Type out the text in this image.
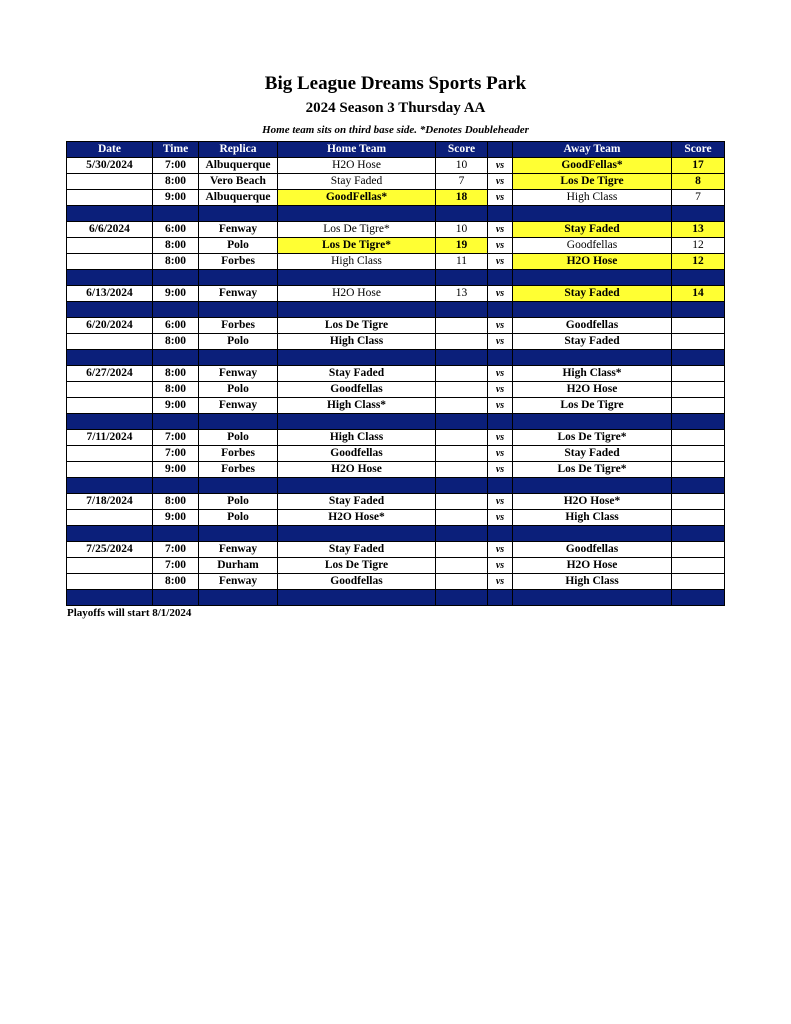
Big League Dreams Sports Park
2024 Season 3 Thursday AA
Home team sits on third base side. *Denotes Doubleheader
Date	Time	Replica	Home Team	Score		Away Team	Score
5/30/2024	7:00	Albuquerque	H2O Hose	10	vs	GoodFellas*	17
	8:00	Vero Beach	Stay Faded	7	vs	Los De Tigre	8
	9:00	Albuquerque	GoodFellas*	18	vs	High Class	7

6/6/2024	6:00	Fenway	Los De Tigre*	10	vs	Stay Faded	13
	8:00	Polo	Los De Tigre*	19	vs	Goodfellas	12
	8:00	Forbes	High Class	11	vs	H2O Hose	12

6/13/2024	9:00	Fenway	H2O Hose	13	vs	Stay Faded	14

6/20/2024	6:00	Forbes	Los De Tigre		vs	Goodfellas	
	8:00	Polo	High Class		vs	Stay Faded	

6/27/2024	8:00	Fenway	Stay Faded		vs	High Class*	
	8:00	Polo	Goodfellas		vs	H2O Hose	
	9:00	Fenway	High Class*		vs	Los De Tigre	

7/11/2024	7:00	Polo	High Class		vs	Los De Tigre*	
	7:00	Forbes	Goodfellas		vs	Stay Faded	
	9:00	Forbes	H2O Hose		vs	Los De Tigre*	

7/18/2024	8:00	Polo	Stay Faded		vs	H2O Hose*	
	9:00	Polo	H2O Hose*		vs	High Class	

7/25/2024	7:00	Fenway	Stay Faded		vs	Goodfellas	
	7:00	Durham	Los De Tigre		vs	H2O Hose	
	8:00	Fenway	Goodfellas		vs	High Class	

Playoffs will start 8/1/2024
